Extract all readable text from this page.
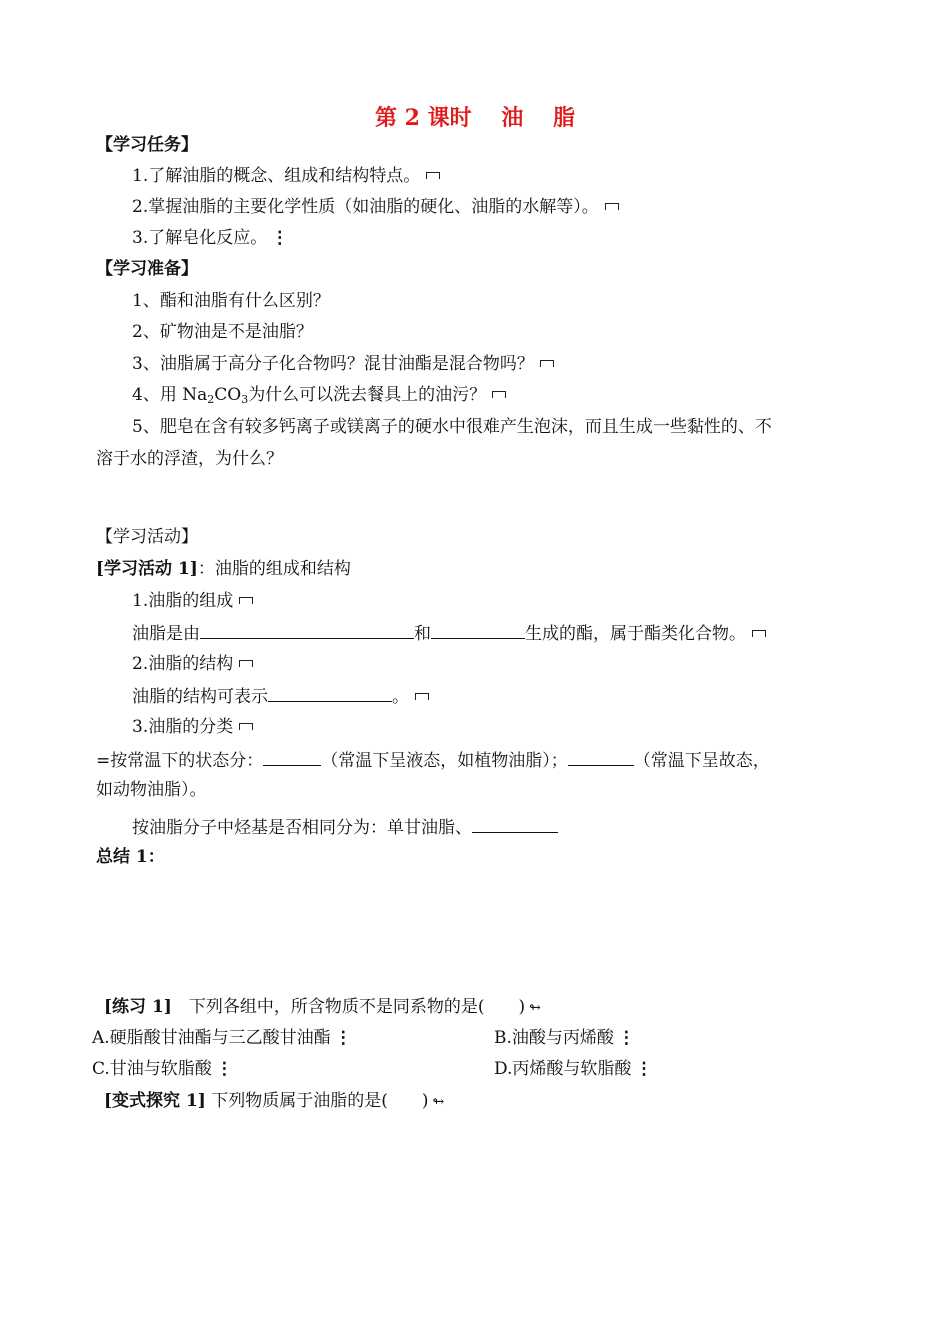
第 2 课时　 油　 脂
【学习任务】
1.了解油脂的概念、组成和结构特点。
2.掌握油脂的主要化学性质（如油脂的硬化、油脂的水解等）。
3.了解皂化反应。 ⋮
【学习准备】
1、酯和油脂有什么区别？
2、矿物油是不是油脂？
3、油脂属于高分子化合物吗？混甘油酯是混合物吗？
4、用 $Na_2CO_3$为什么可以洗去餐具上的油污？
5、肥皂在含有较多钙离子或镁离子的硬水中很难产生泡沫，而且生成一些黏性的、不
溶于水的浮渣，为什么？
【学习活动】
[学习活动 1]：油脂的组成和结构
1.油脂的组成
油脂是由	和	生成的酯，属于酯类化合物。
2.油脂的结构
油脂的结构可表示	。
3.油脂的分类
=按常温下的状态分：	（常温下呈液态，如植物油脂）；	（常温下呈故态，
如动物油脂）。
按油脂分子中烃基是否相同分为：单甘油脂、
总结 1：
[练习 1]　下列各组中，所含物质不是同系物的是(　　) ↬
A.硬脂酸甘油酯与三乙酸甘油酯 ⋮	B.油酸与丙烯酸 ⋮
C.甘油与软脂酸 ⋮	D.丙烯酸与软脂酸 ⋮
[变式探究 1] 下列物质属于油脂的是(　　) ↬
